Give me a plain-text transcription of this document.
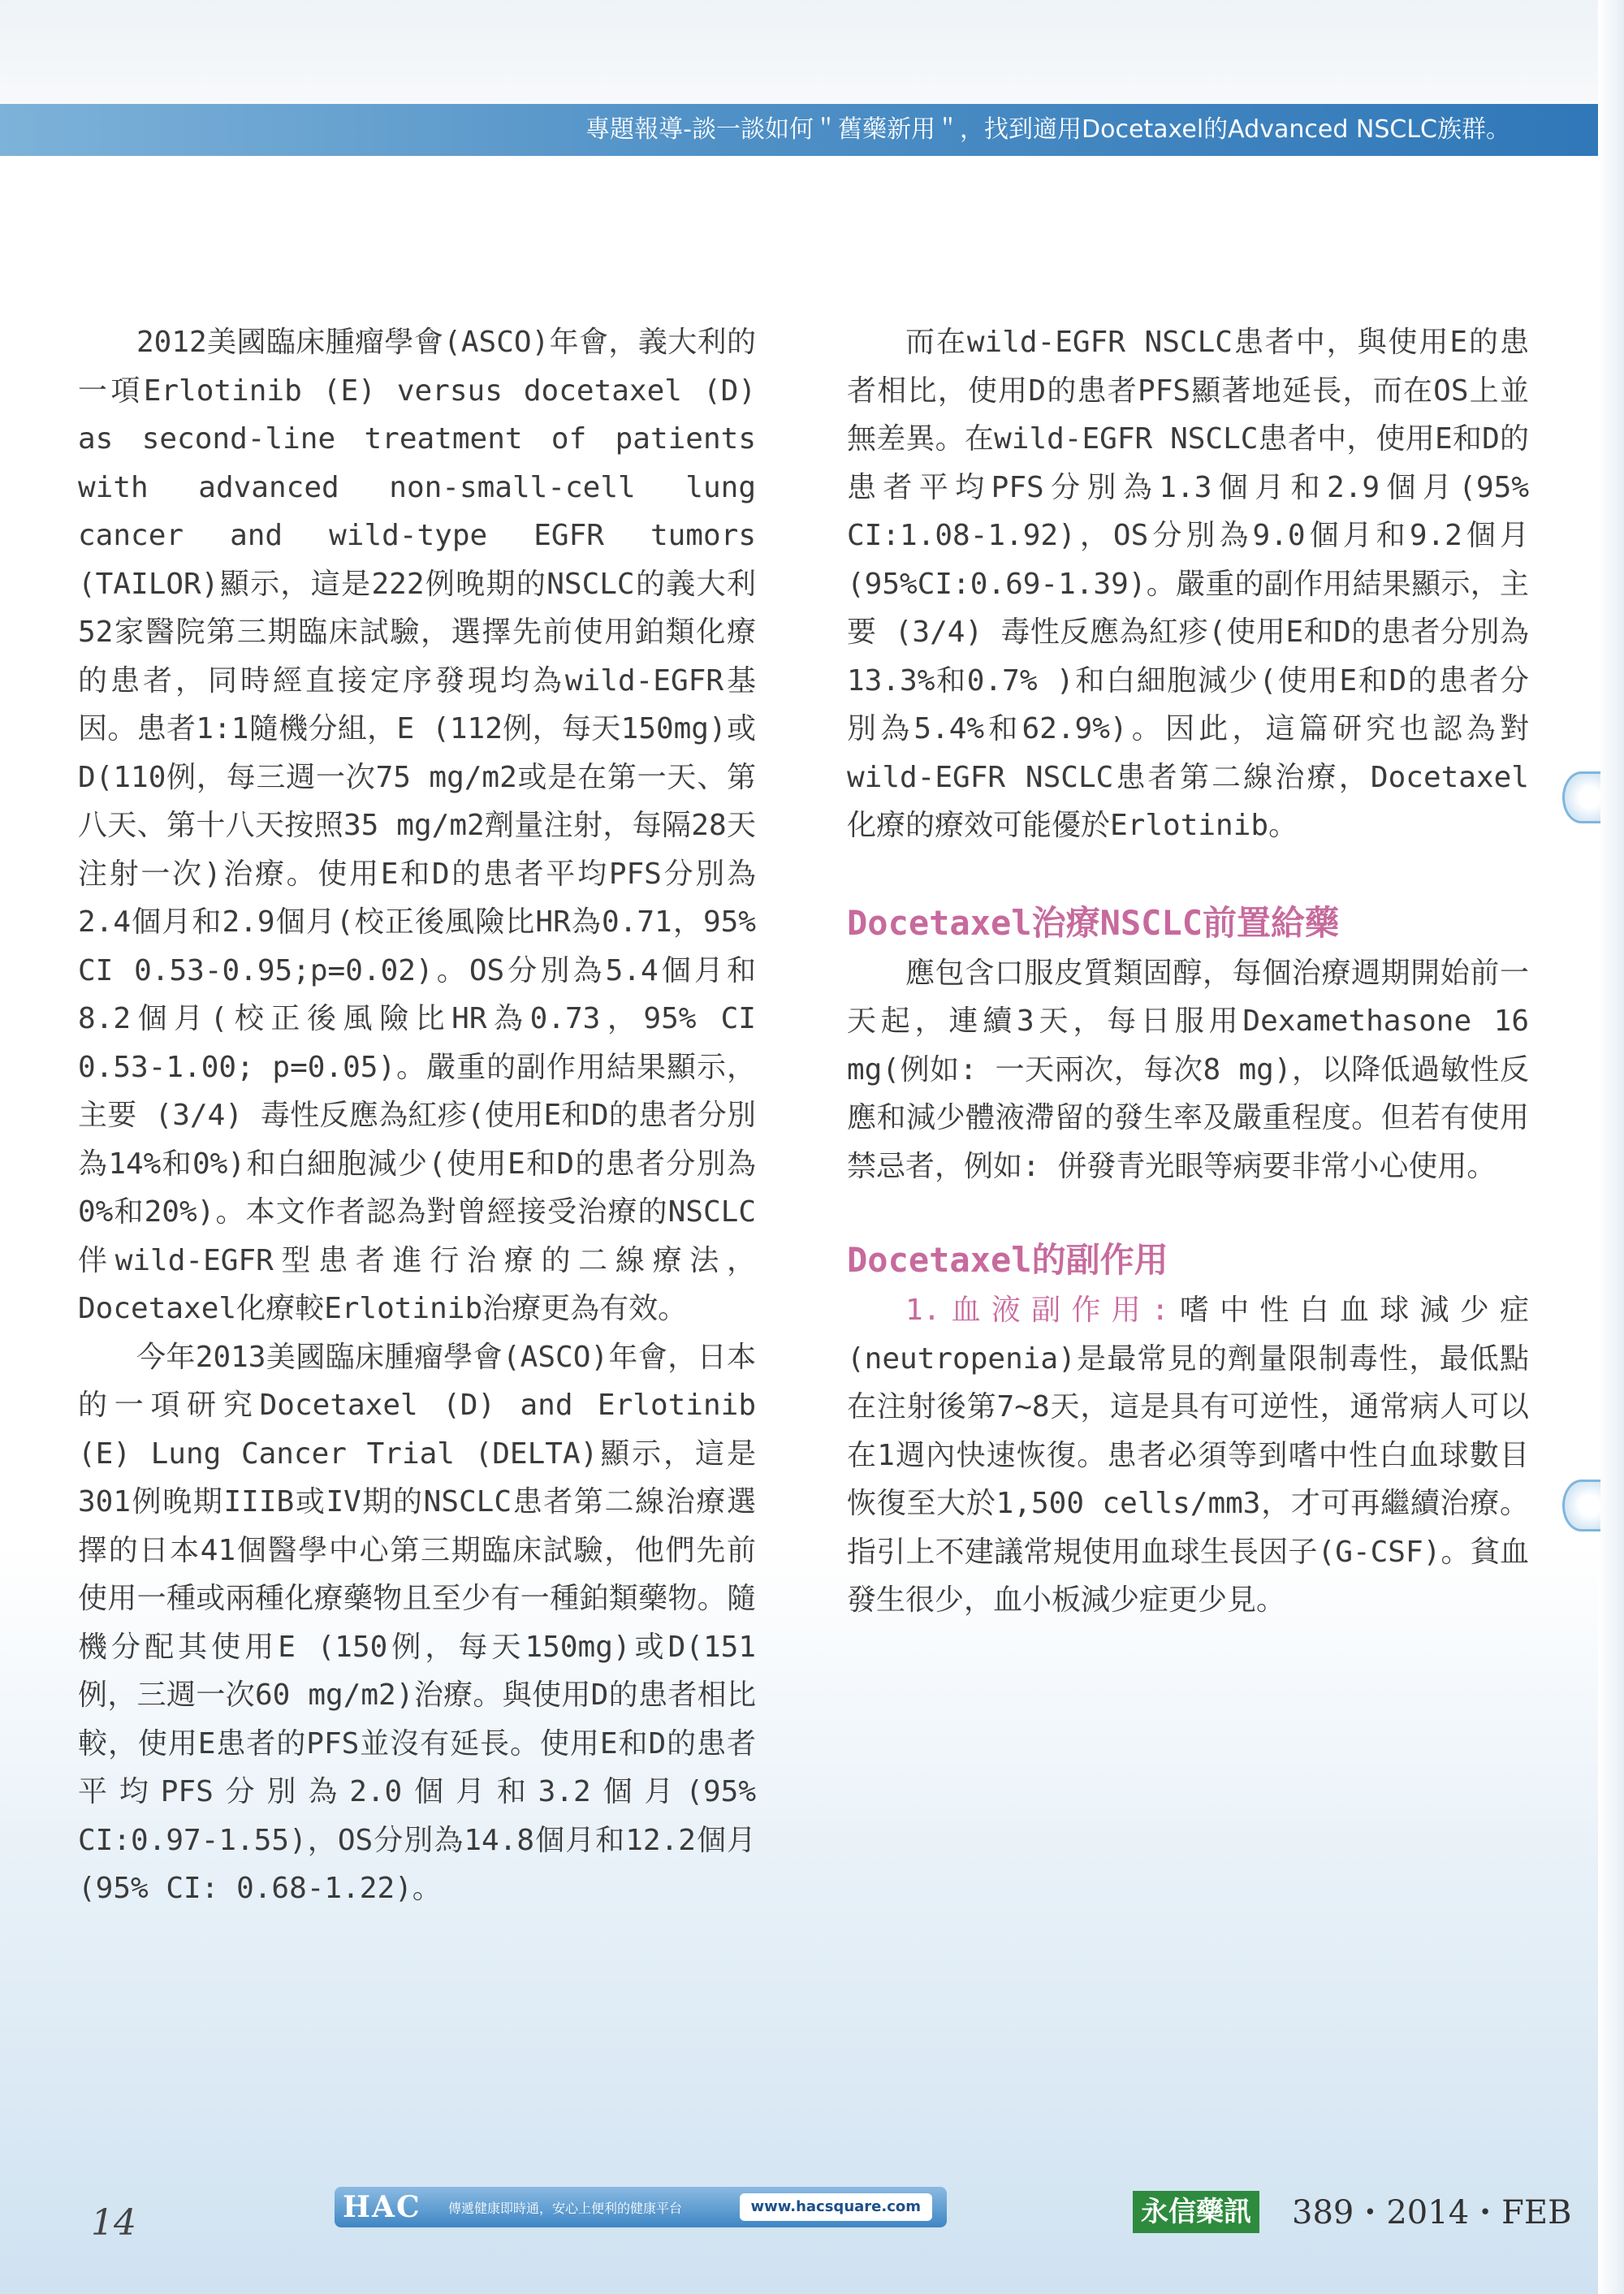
專題報導-談一談如何＂舊藥新用＂，找到適用Docetaxel的Advanced NSCLC族群。

2012美國臨床腫瘤學會(ASCO)年會，義大利的一項Erlotinib (E) versus docetaxel (D) as second-line treatment of patients with advanced non-small-cell lung cancer and wild-type EGFR tumors (TAILOR)顯示，這是222例晚期的NSCLC的義大利52家醫院第三期臨床試驗，選擇先前使用鉑類化療的患者，同時經直接定序發現均為wild-EGFR基因。患者1:1隨機分組，E (112例，每天150mg)或D(110例，每三週一次75 mg/m2或是在第一天、第八天、第十八天按照35 mg/m2劑量注射，每隔28天注射一次)治療。使用E和D的患者平均PFS分別為2.4個月和2.9個月(校正後風險比HR為0.71，95% CI 0.53-0.95;p=0.02)。OS分別為5.4個月和8.2個月(校正後風險比HR為0.73，95% CI 0.53-1.00; p=0.05)。嚴重的副作用結果顯示，主要 (3/4) 毒性反應為紅疹(使用E和D的患者分別為14%和0%)和白細胞減少(使用E和D的患者分別為0%和20%)。本文作者認為對曾經接受治療的NSCLC伴wild-EGFR型患者進行治療的二線療法，Docetaxel化療較Erlotinib治療更為有效。

今年2013美國臨床腫瘤學會(ASCO)年會，日本的一項研究Docetaxel (D) and Erlotinib (E) Lung Cancer Trial (DELTA)顯示，這是301例晚期IIIB或IV期的NSCLC患者第二線治療選擇的日本41個醫學中心第三期臨床試驗，他們先前使用一種或兩種化療藥物且至少有一種鉑類藥物。隨機分配其使用E (150例，每天150mg)或D(151例，三週一次60 mg/m2)治療。與使用D的患者相比較，使用E患者的PFS並沒有延長。使用E和D的患者平均PFS分別為2.0個月和3.2個月(95% CI:0.97-1.55)，OS分別為14.8個月和12.2個月(95% CI: 0.68-1.22)。

而在wild-EGFR NSCLC患者中，與使用E的患者相比，使用D的患者PFS顯著地延長，而在OS上並無差異。在wild-EGFR NSCLC患者中，使用E和D的患者平均PFS分別為1.3個月和2.9個月(95% CI:1.08-1.92)，OS分別為9.0個月和9.2個月(95%CI:0.69-1.39)。嚴重的副作用結果顯示，主要 (3/4) 毒性反應為紅疹(使用E和D的患者分別為13.3%和0.7% )和白細胞減少(使用E和D的患者分別為5.4%和62.9%)。因此，這篇研究也認為對wild-EGFR NSCLC患者第二線治療，Docetaxel化療的療效可能優於Erlotinib。

Docetaxel治療NSCLC前置給藥

應包含口服皮質類固醇，每個治療週期開始前一天起，連續3天，每日服用Dexamethasone 16 mg(例如: 一天兩次，每次8 mg)，以降低過敏性反應和減少體液滯留的發生率及嚴重程度。但若有使用禁忌者，例如: 併發青光眼等病要非常小心使用。

Docetaxel的副作用

1.血液副作用:嗜中性白血球減少症(neutropenia)是最常見的劑量限制毒性，最低點在注射後第7~8天，這是具有可逆性，通常病人可以在1週內快速恢復。患者必須等到嗜中性白血球數目恢復至大於1,500 cells/mm3，才可再繼續治療。指引上不建議常規使用血球生長因子(G-CSF)。貧血發生很少，血小板減少症更少見。

14	HAC 傳遞健康即時通，安心上便利的健康平台	www.hacsquare.com	永信藥訊 389・2014・FEB
